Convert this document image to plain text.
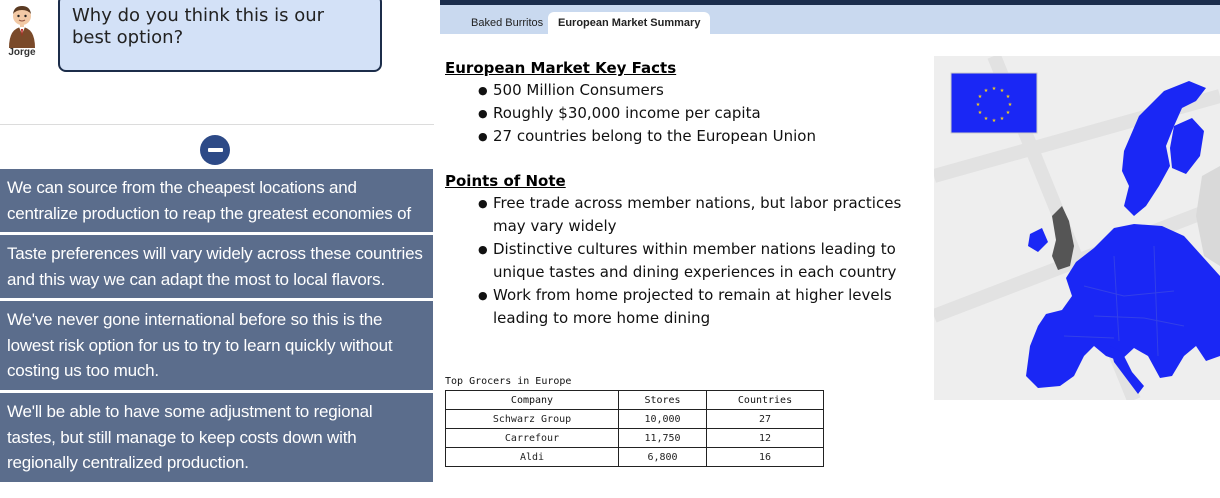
Jorge
Why do you think this is our best option?
We can source from the cheapest locations and centralize production to reap the greatest economies of
Taste preferences will vary widely across these countries and this way we can adapt the most to local flavors.
We've never gone international before so this is the lowest risk option for us to try to learn quickly without costing us too much.
We'll be able to have some adjustment to regional tastes, but still manage to keep costs down with regionally centralized production.
Baked Burritos	European Market Summary
European Market Key Facts
● 500 Million Consumers
● Roughly $30,000 income per capita
● 27 countries belong to the European Union
Points of Note
● Free trade across member nations, but labor practices may vary widely
● Distinctive cultures within member nations leading to unique tastes and dining experiences in each country
● Work from home projected to remain at higher levels leading to more home dining
★ ★
★
★
★
★
★
★
★
★
★
★
Top Grocers in Europe
Company	Stores	Countries
Schwarz Group	10,000	27
Carrefour	11,750	12
Aldi	6,800	16
